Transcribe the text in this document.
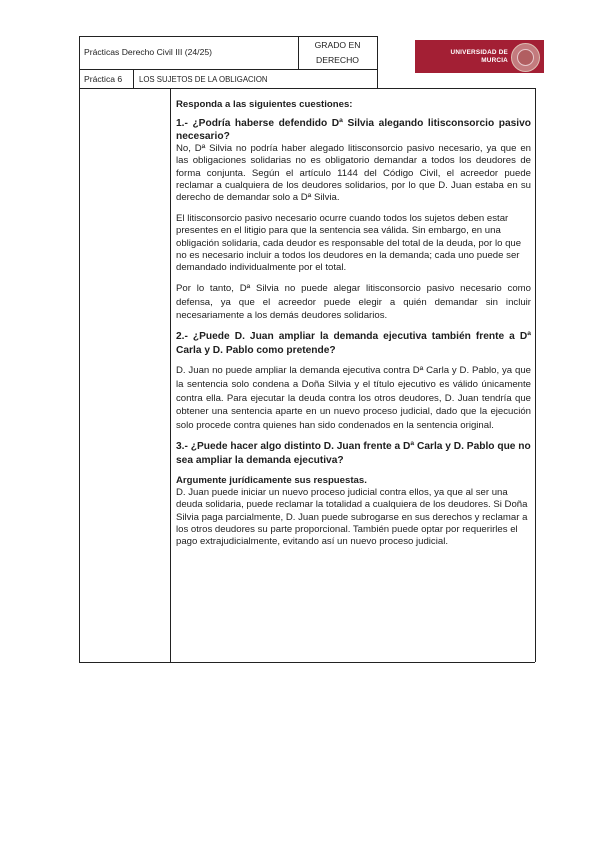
Prácticas Derecho Civil III (24/25)
GRADO EN
DERECHO
Práctica 6 LOS SUJETOS DE LA OBLIGACION
UNIVERSIDAD DE
MURCIA

Responda a las siguientes cuestiones:

1.- ¿Podría haberse defendido Dª Silvia alegando litisconsorcio pasivo necesario?

No, Dª Silvia no podría haber alegado litisconsorcio pasivo necesario, ya que en las obligaciones solidarias no es obligatorio demandar a todos los deudores de forma conjunta. Según el artículo 1144 del Código Civil, el acreedor puede reclamar a cualquiera de los deudores solidarios, por lo que D. Juan estaba en su derecho de demandar solo a Dª Silvia.

El litisconsorcio pasivo necesario ocurre cuando todos los sujetos deben estar presentes en el litigio para que la sentencia sea válida. Sin embargo, en una obligación solidaria, cada deudor es responsable del total de la deuda, por lo que no es necesario incluir a todos los deudores en la demanda; cada uno puede ser demandado individualmente por el total.

Por lo tanto, Dª Silvia no puede alegar litisconsorcio pasivo necesario como defensa, ya que el acreedor puede elegir a quién demandar sin incluir necesariamente a los demás deudores solidarios.

2.- ¿Puede D. Juan ampliar la demanda ejecutiva también frente a Dª Carla y D. Pablo como pretende?

D. Juan no puede ampliar la demanda ejecutiva contra Dª Carla y D. Pablo, ya que la sentencia solo condena a Doña Silvia y el título ejecutivo es válido únicamente contra ella. Para ejecutar la deuda contra los otros deudores, D. Juan tendría que obtener una sentencia aparte en un nuevo proceso judicial, dado que la ejecución solo procede contra quienes han sido condenados en la sentencia original.

3.- ¿Puede hacer algo distinto D. Juan frente a Dª Carla y D. Pablo que no sea ampliar la demanda ejecutiva?

Argumente jurídicamente sus respuestas.

D. Juan puede iniciar un nuevo proceso judicial contra ellos, ya que al ser una deuda solidaria, puede reclamar la totalidad a cualquiera de los deudores. Si Doña Silvia paga parcialmente, D. Juan puede subrogarse en sus derechos y reclamar a los otros deudores su parte proporcional. También puede optar por requerirles el pago extrajudicialmente, evitando así un nuevo proceso judicial.
